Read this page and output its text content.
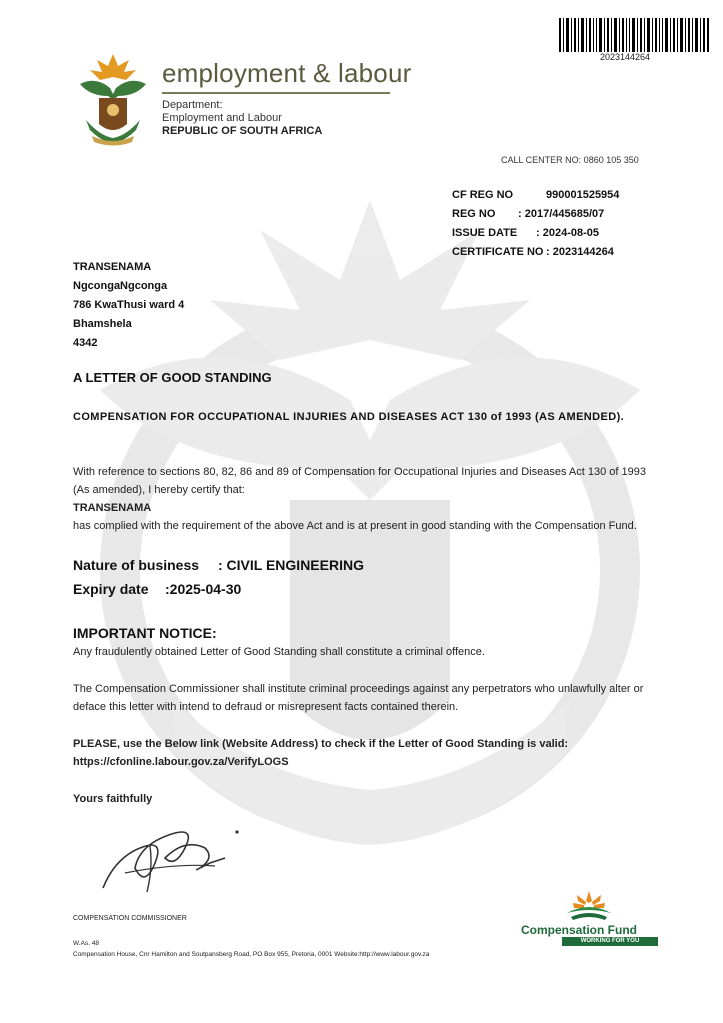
2023144264
employment & labour
Department:
Employment and Labour
REPUBLIC OF SOUTH AFRICA
CALL CENTER NO: 0860 105 350
CF REG NO	990001525954
REG NO : 2017/445685/07
ISSUE DATE : 2024-08-05
CERTIFICATE NO : 2023144264
TRANSENAMA
NgcongaNgconga
786 KwaThusi ward 4
Bhamshela
4342
A LETTER OF GOOD STANDING
COMPENSATION FOR OCCUPATIONAL INJURIES AND DISEASES ACT 130 of 1993 (AS AMENDED).
With reference to sections 80, 82, 86 and 89 of Compensation for Occupational Injuries and Diseases Act 130 of 1993 (As amended), I hereby certify that:
TRANSENAMA
has complied with the requirement of the above Act and is at present in good standing with the Compensation Fund.
Nature of business : CIVIL ENGINEERING
Expiry date :2025-04-30
IMPORTANT NOTICE:
Any fraudulently obtained Letter of Good Standing shall constitute a criminal offence.
The Compensation Commissioner shall institute criminal proceedings against any perpetrators who unlawfully alter or deface this letter with intend to defraud or misrepresent facts contained therein.
PLEASE, use the Below link (Website Address) to check if the Letter of Good Standing is valid:
https://cfonline.labour.gov.za/VerifyLOGS
Yours faithfully
COMPENSATION COMMISSIONER
W.As. 48
Compensation House, Cnr Hamilton and Soutpansberg Road, PO Box 955, Pretoria, 0001 Website:http://www.labour.gov.za
Compensation Fund
WORKING FOR YOU
